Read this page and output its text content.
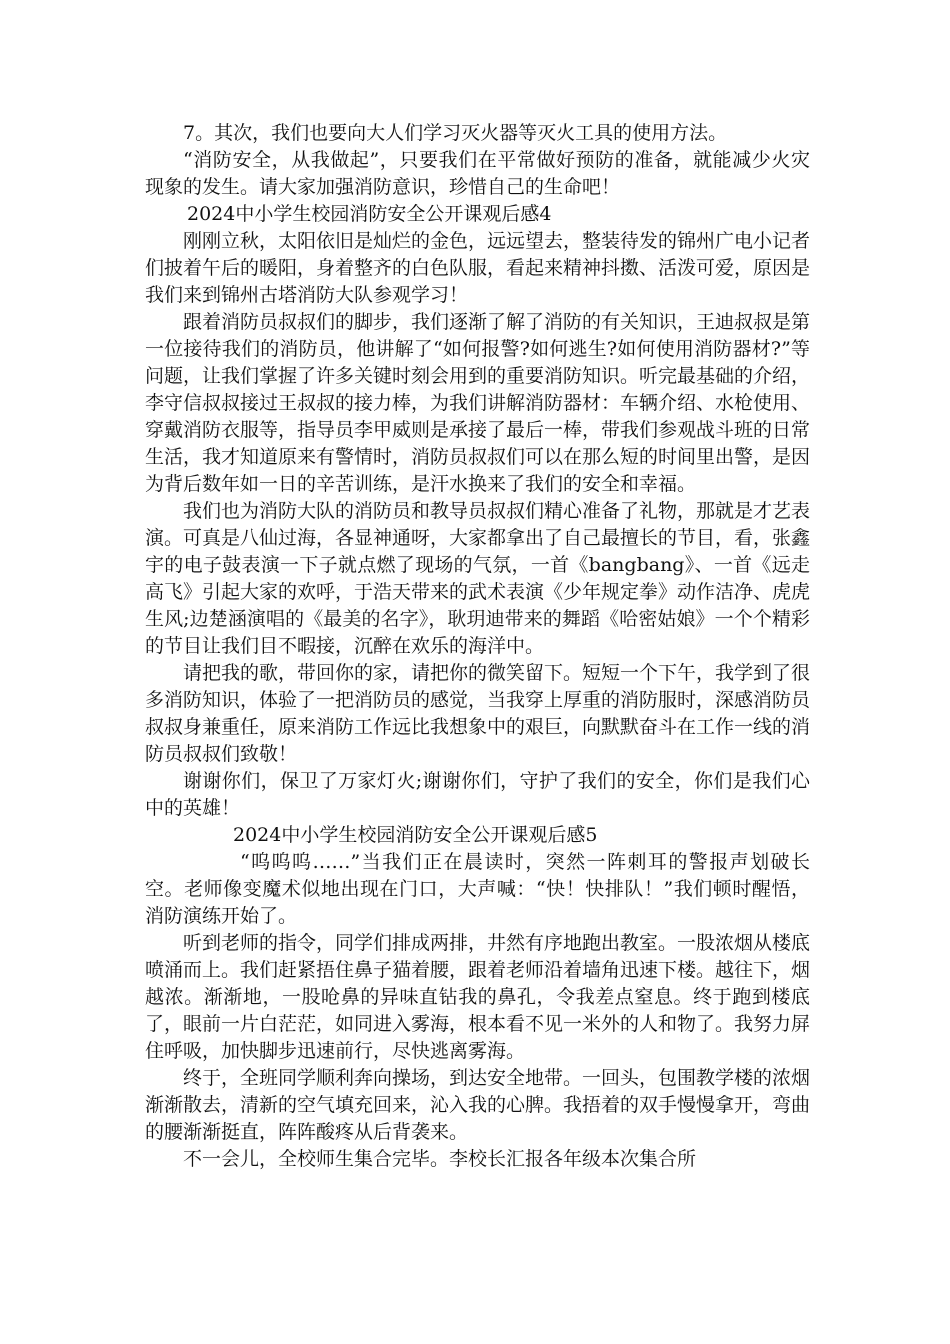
7。其次，我们也要向大人们学习灭火器等灭火工具的使用方法。

“消防安全，从我做起”，只要我们在平常做好预防的准备，就能减少火灾现象的发生。请大家加强消防意识，珍惜自己的生命吧！

2024中小学生校园消防安全公开课观后感4

刚刚立秋，太阳依旧是灿烂的金色，远远望去，整装待发的锦州广电小记者们披着午后的暖阳，身着整齐的白色队服，看起来精神抖擞、活泼可爱，原因是我们来到锦州古塔消防大队参观学习！

跟着消防员叔叔们的脚步，我们逐渐了解了消防的有关知识，王迪叔叔是第一位接待我们的消防员，他讲解了“如何报警?如何逃生?如何使用消防器材?”等问题，让我们掌握了许多关键时刻会用到的重要消防知识。听完最基础的介绍，李守信叔叔接过王叔叔的接力棒，为我们讲解消防器材：车辆介绍、水枪使用、穿戴消防衣服等，指导员李甲威则是承接了最后一棒，带我们参观战斗班的日常生活，我才知道原来有警情时，消防员叔叔们可以在那么短的时间里出警，是因为背后数年如一日的辛苦训练，是汗水换来了我们的安全和幸福。

我们也为消防大队的消防员和教导员叔叔们精心准备了礼物，那就是才艺表演。可真是八仙过海，各显神通呀，大家都拿出了自己最擅长的节目，看，张鑫宇的电子鼓表演一下子就点燃了现场的气氛，一首《bangbang》、一首《远走高飞》引起大家的欢呼，于浩天带来的武术表演《少年规定拳》动作洁净、虎虎生风;边楚涵演唱的《最美的名字》，耿玥迪带来的舞蹈《哈密姑娘》一个个精彩的节目让我们目不暇接，沉醉在欢乐的海洋中。

请把我的歌，带回你的家，请把你的微笑留下。短短一个下午，我学到了很多消防知识，体验了一把消防员的感觉，当我穿上厚重的消防服时，深感消防员叔叔身兼重任，原来消防工作远比我想象中的艰巨，向默默奋斗在工作一线的消防员叔叔们致敬！

谢谢你们，保卫了万家灯火;谢谢你们，守护了我们的安全，你们是我们心中的英雄！

2024中小学生校园消防安全公开课观后感5

“呜呜呜……”当我们正在晨读时，突然一阵刺耳的警报声划破长空。老师像变魔术似地出现在门口，大声喊：“快！快排队！”我们顿时醒悟，消防演练开始了。

听到老师的指令，同学们排成两排，井然有序地跑出教室。一股浓烟从楼底喷涌而上。我们赶紧捂住鼻子猫着腰，跟着老师沿着墙角迅速下楼。越往下，烟越浓。渐渐地，一股呛鼻的异味直钻我的鼻孔，令我差点窒息。终于跑到楼底了，眼前一片白茫茫，如同进入雾海，根本看不见一米外的人和物了。我努力屏住呼吸，加快脚步迅速前行，尽快逃离雾海。

终于，全班同学顺利奔向操场，到达安全地带。一回头，包围教学楼的浓烟渐渐散去，清新的空气填充回来，沁入我的心脾。我捂着的双手慢慢拿开，弯曲的腰渐渐挺直，阵阵酸疼从后背袭来。

不一会儿，全校师生集合完毕。李校长汇报各年级本次集合所
